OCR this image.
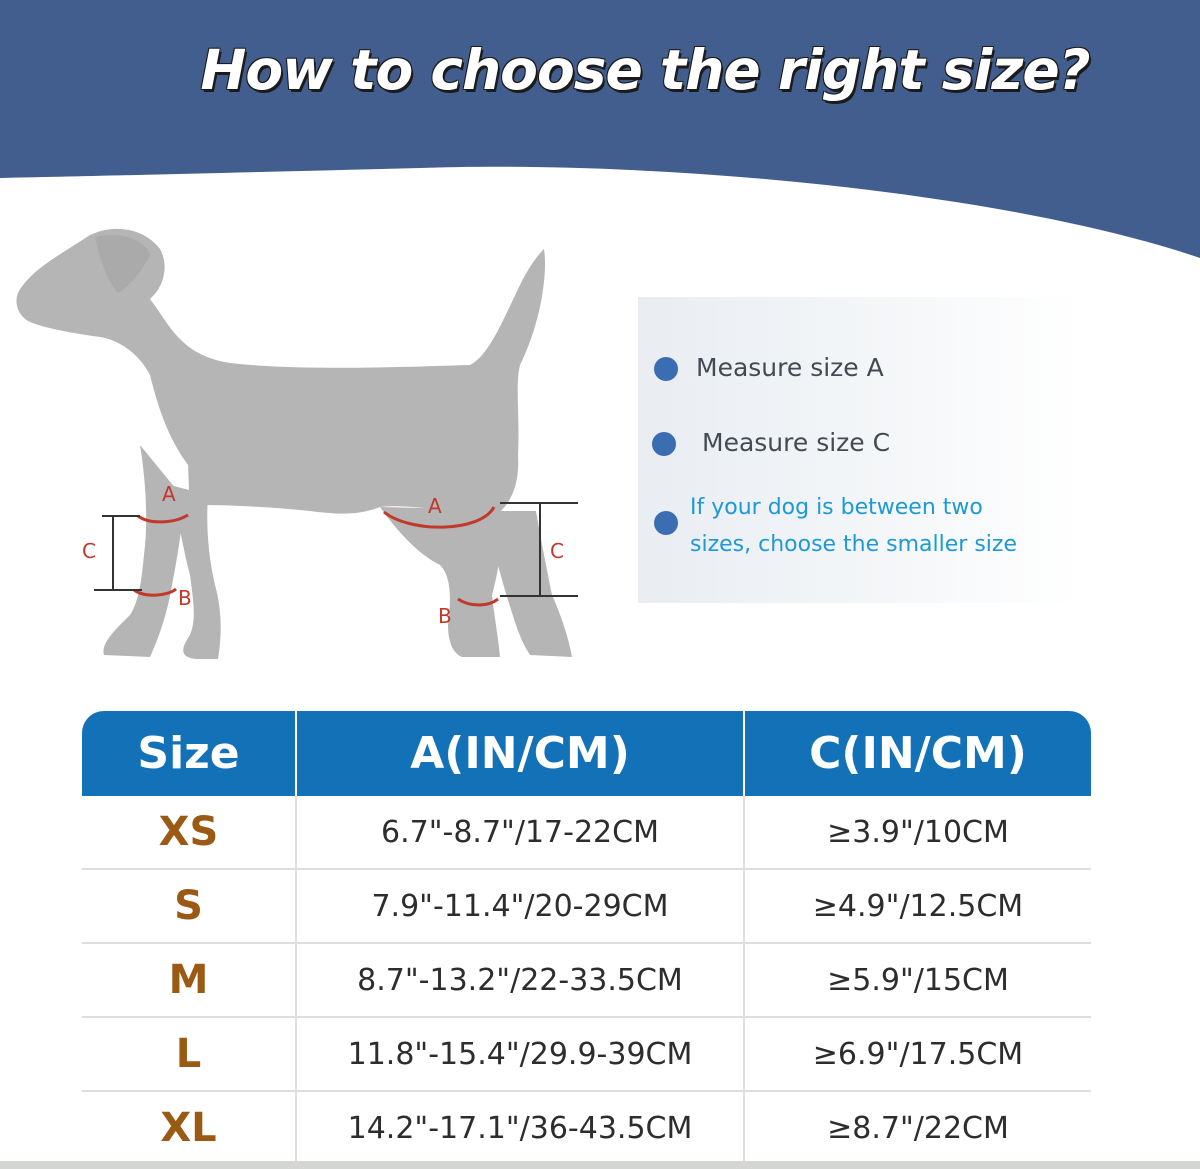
How to choose the right size?
A
B
C
A
B
C
Measure size A
Measure size C
If your dog is between two
sizes, choose the smaller size
Size	A(IN/CM)	C(IN/CM)
XS	6.7"-8.7"/17-22CM	≥3.9"/10CM
S	7.9"-11.4"/20-29CM	≥4.9"/12.5CM
M	8.7"-13.2"/22-33.5CM	≥5.9"/15CM
L	11.8"-15.4"/29.9-39CM	≥6.9"/17.5CM
XL	14.2"-17.1"/36-43.5CM	≥8.7"/22CM
